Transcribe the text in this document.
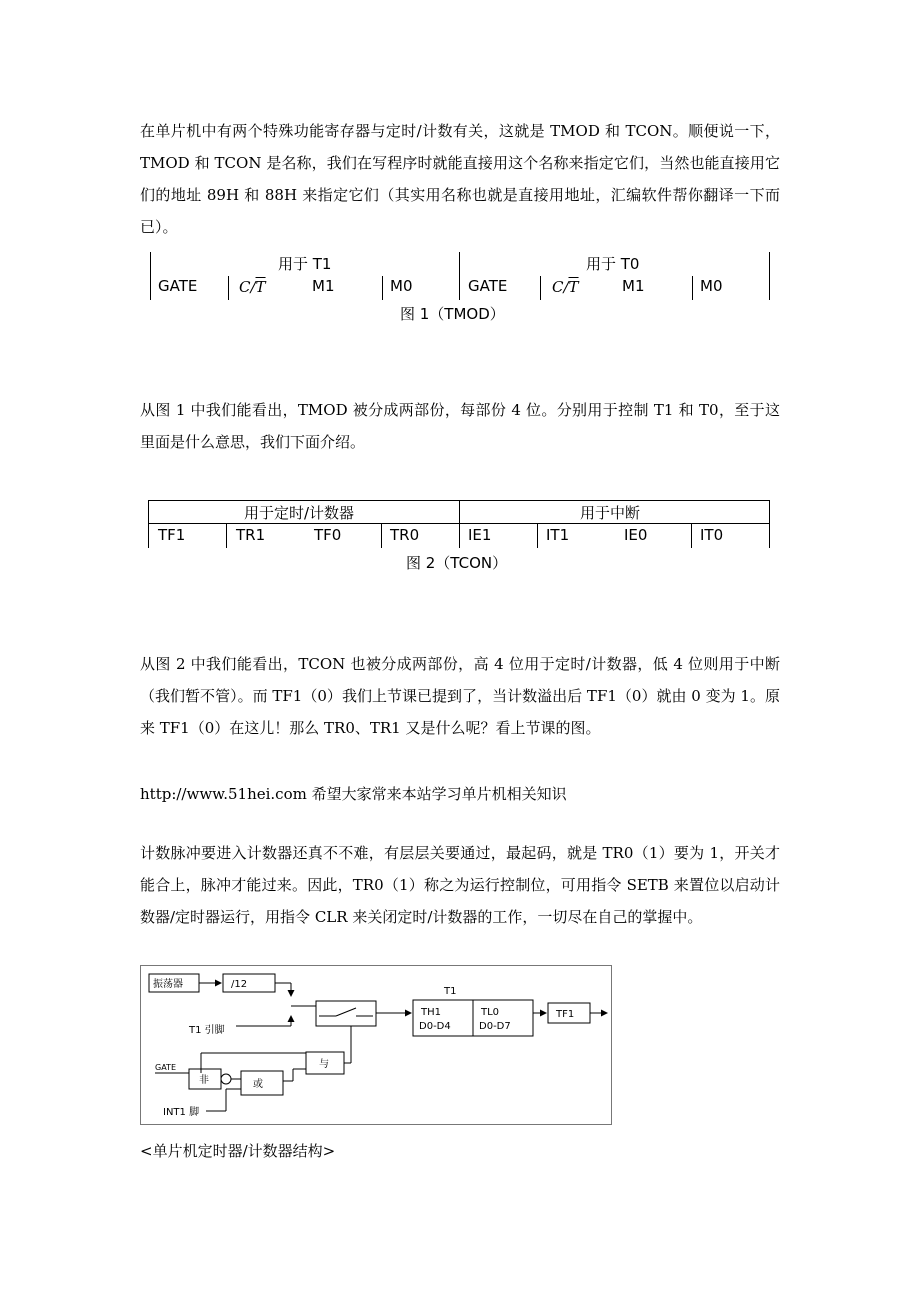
在单片机中有两个特殊功能寄存器与定时/计数有关，这就是 TMOD 和 TCON。顺便说一下，TMOD 和 TCON 是名称，我们在写程序时就能直接用这个名称来指定它们，当然也能直接用它们的地址 89H 和 88H 来指定它们（其实用名称也就是直接用地址，汇编软件帮你翻译一下而已）。

用于 T1	用于 T0
GATE	$C/\overline{T}$	M1	M0	GATE	$C/\overline{T}$	M1	M0
图 1（TMOD）

从图 1 中我们能看出，TMOD 被分成两部份，每部份 4 位。分别用于控制 T1 和 T0，至于这里面是什么意思，我们下面介绍。

用于定时/计数器	用于中断
TF1	TR1	TF0	TR0	IE1	IT1	IE0	IT0
图 2（TCON）

从图 2 中我们能看出，TCON 也被分成两部份，高 4 位用于定时/计数器，低 4 位则用于中断（我们暂不管）。而 TF1（0）我们上节课已提到了，当计数溢出后 TF1（0）就由 0 变为 1。原来 TF1（0）在这儿！那么 TR0、TR1 又是什么呢？看上节课的图。

http://www.51hei.com 希望大家常来本站学习单片机相关知识

计数脉冲要进入计数器还真不不难，有层层关要通过，最起码，就是 TR0（1）要为 1，开关才能合上，脉冲才能过来。因此，TR0（1）称之为运行控制位，可用指令 SETB 来置位以启动计数器/定时器运行，用指令 CLR 来关闭定时/计数器的工作，一切尽在自己的掌握中。

振荡器	/12
T1 引脚
T1
TH1
D0-D4
TL0
D0-D7
TF1
GATE
非	或
与
INT1 脚

<单片机定时器/计数器结构>
